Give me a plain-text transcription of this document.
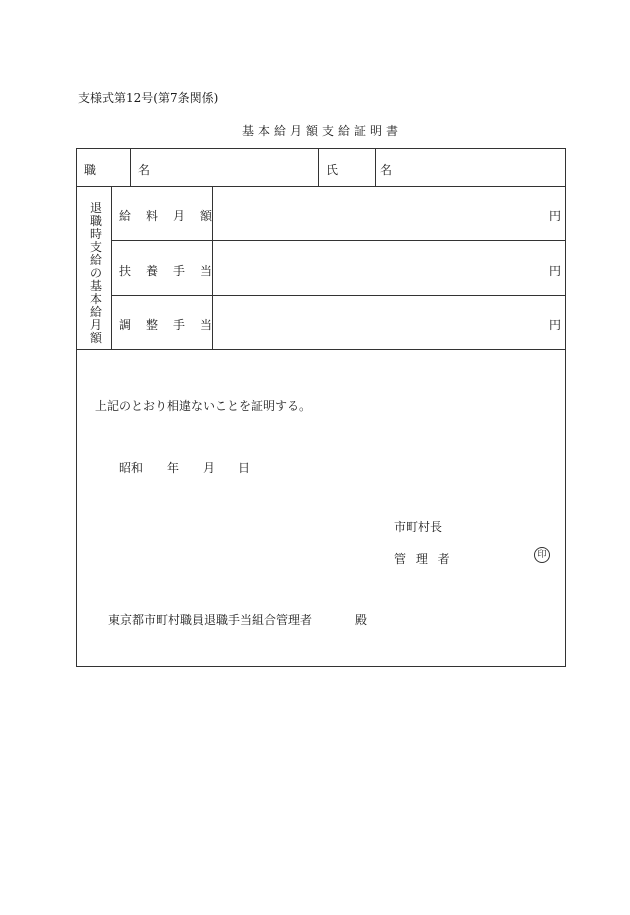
支様式第12号(第7条関係)
基本給月額支給証明書
職　名	氏　名
退職時支給の基本給月額
給料月額	円
扶養手当	円
調整手当	円
上記のとおり相違ないことを証明する。
昭和 年 月 日
市町村長
管 理 者	印
東京都市町村職員退職手当組合管理者	殿
